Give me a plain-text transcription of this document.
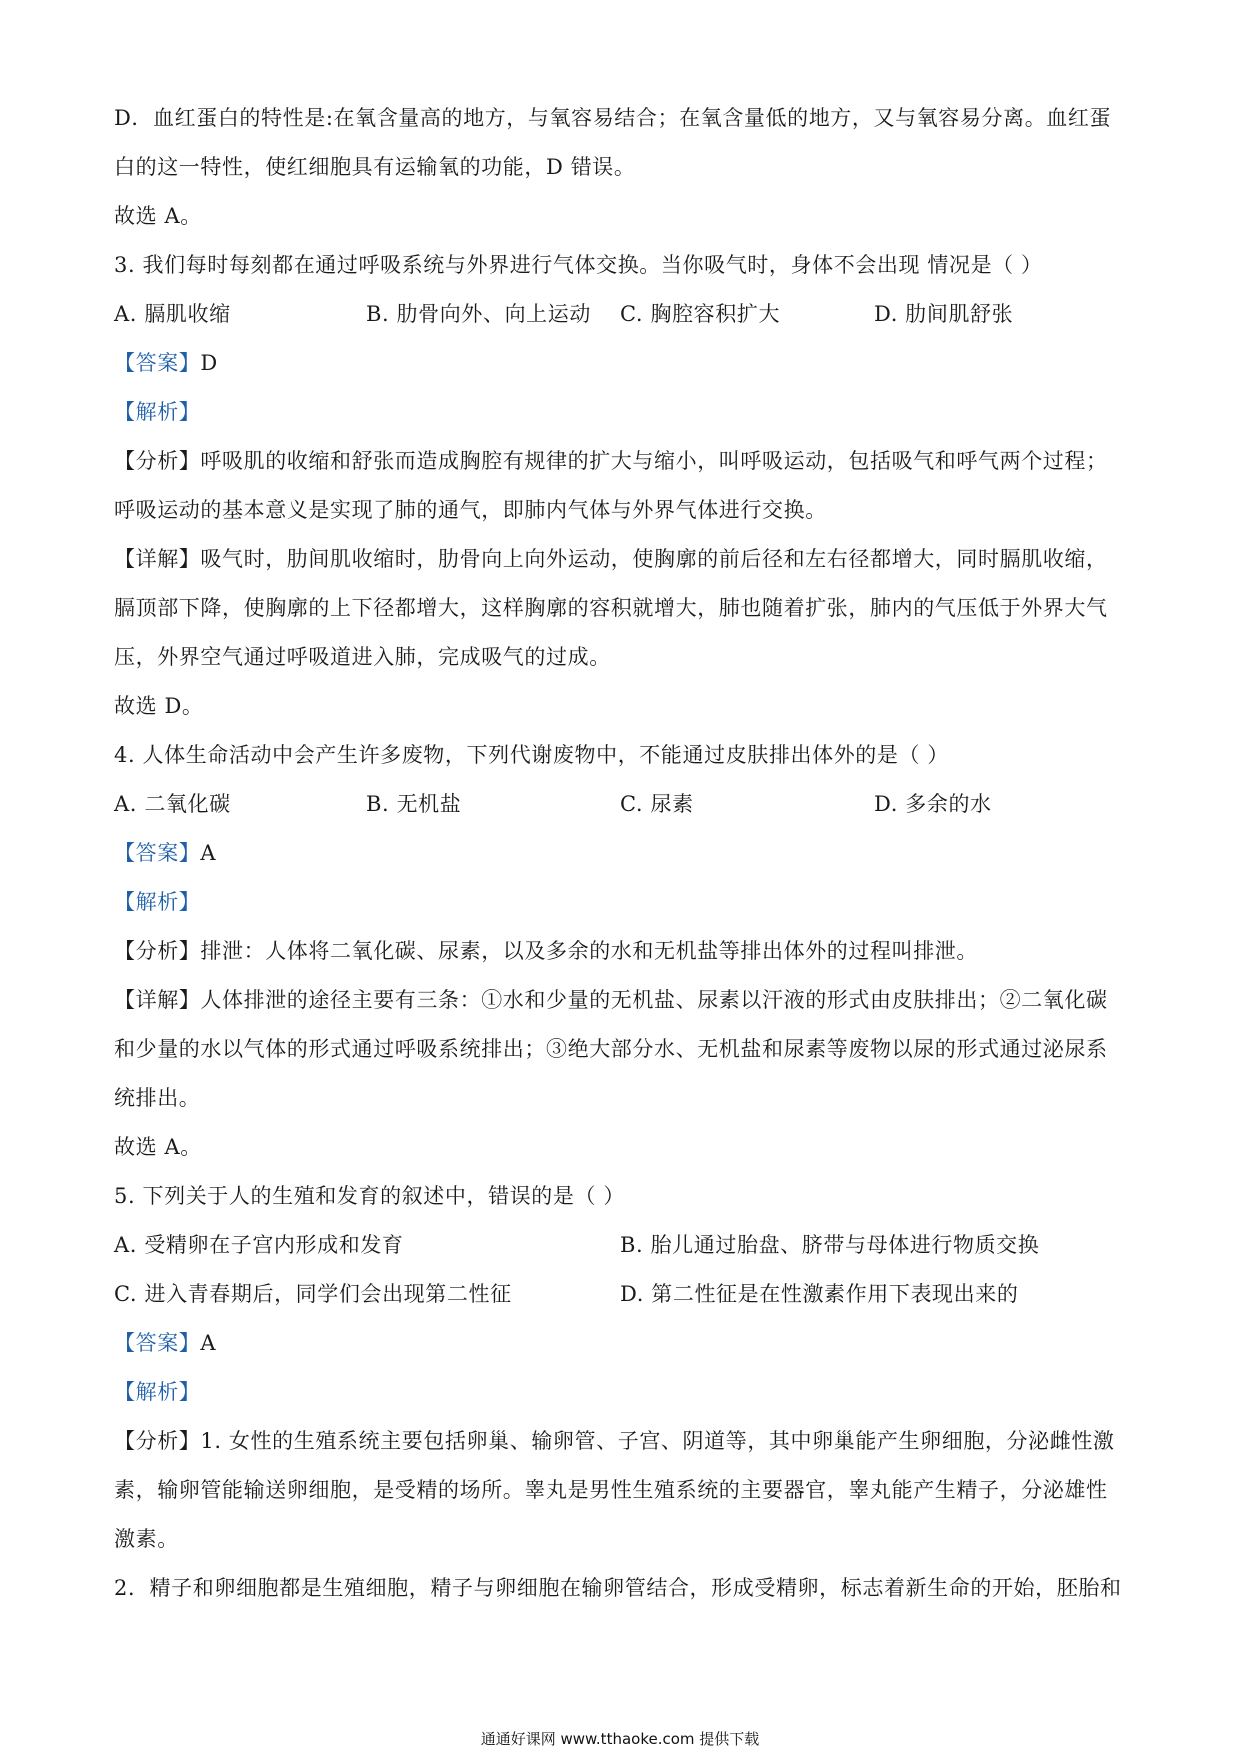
D．血红蛋白的特性是:在氧含量高的地方，与氧容易结合；在氧含量低的地方，又与氧容易分离。血红蛋
白的这一特性，使红细胞具有运输氧的功能，D 错误。
故选 A。
3. 我们每时每刻都在通过呼吸系统与外界进行气体交换。当你吸气时，身体不会出现 情况是（ ）
A. 膈肌收缩	B. 肋骨向外、向上运动 C. 胸腔容积扩大	D. 肋间肌舒张
【答案】D
【解析】
【分析】呼吸肌的收缩和舒张而造成胸腔有规律的扩大与缩小，叫呼吸运动，包括吸气和呼气两个过程；
呼吸运动的基本意义是实现了肺的通气，即肺内气体与外界气体进行交换。
【详解】吸气时，肋间肌收缩时，肋骨向上向外运动，使胸廓的前后径和左右径都增大，同时膈肌收缩，
膈顶部下降，使胸廓的上下径都增大，这样胸廓的容积就增大，肺也随着扩张，肺内的气压低于外界大气
压，外界空气通过呼吸道进入肺，完成吸气的过成。
故选 D。
4. 人体生命活动中会产生许多废物，下列代谢废物中，不能通过皮肤排出体外的是（ ）
A. 二氧化碳	B. 无机盐	C. 尿素	D. 多余的水
【答案】A
【解析】
【分析】排泄：人体将二氧化碳、尿素，以及多余的水和无机盐等排出体外的过程叫排泄。
【详解】人体排泄的途径主要有三条：①水和少量的无机盐、尿素以汗液的形式由皮肤排出；②二氧化碳
和少量的水以气体的形式通过呼吸系统排出；③绝大部分水、无机盐和尿素等废物以尿的形式通过泌尿系
统排出。
故选 A。
5. 下列关于人的生殖和发育的叙述中，错误的是（ ）
A. 受精卵在子宫内形成和发育	B. 胎儿通过胎盘、脐带与母体进行物质交换
C. 进入青春期后，同学们会出现第二性征	D. 第二性征是在性激素作用下表现出来的
【答案】A
【解析】
【分析】1. 女性的生殖系统主要包括卵巢、输卵管、子宫、阴道等，其中卵巢能产生卵细胞，分泌雌性激
素，输卵管能输送卵细胞，是受精的场所。睾丸是男性生殖系统的主要器官，睾丸能产生精子，分泌雄性
激素。
2．精子和卵细胞都是生殖细胞，精子与卵细胞在输卵管结合，形成受精卵，标志着新生命的开始，胚胎和
通通好课网 www.tthaoke.com 提供下载
